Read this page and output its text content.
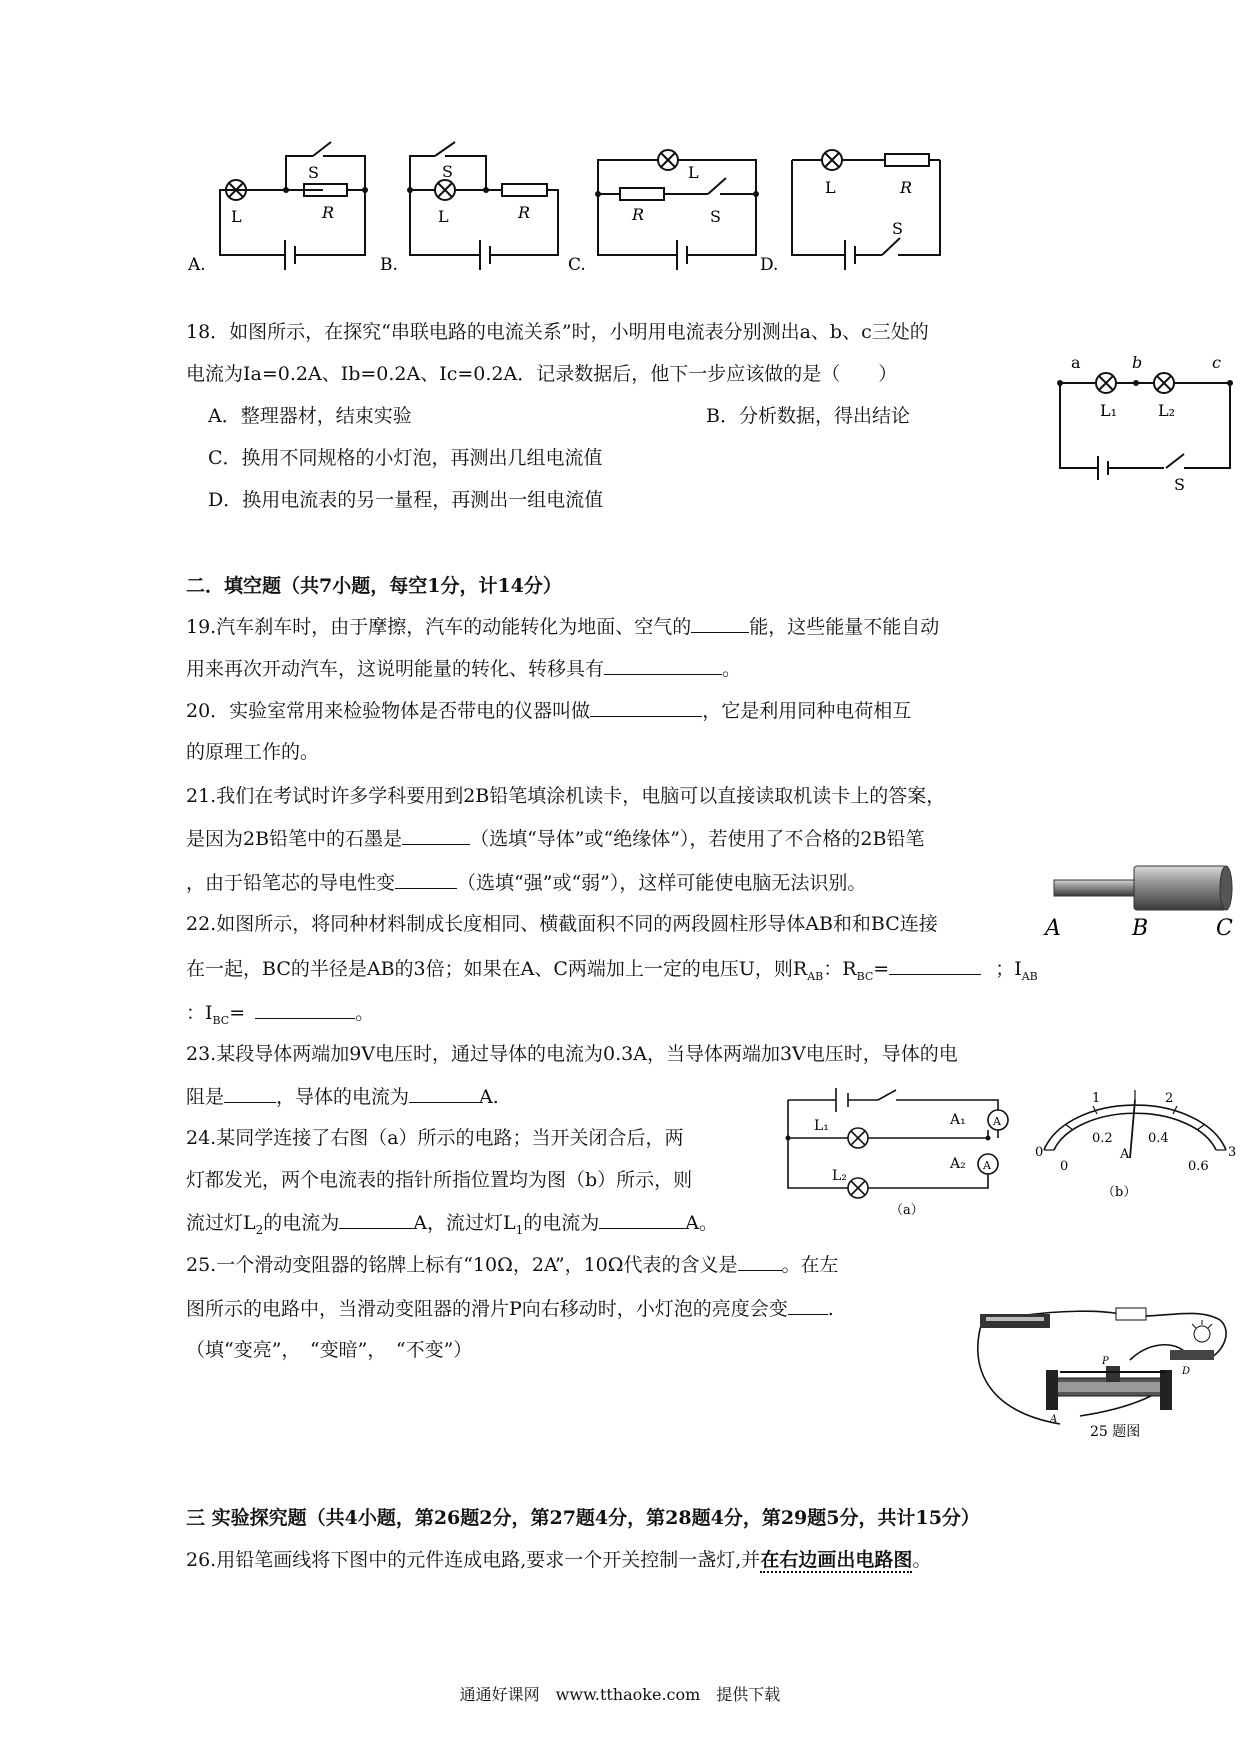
L	R
S
A.
L	R
S
B.
L
R	S
C.
L	R
S
D.
18．如图所示，在探究“串联电路的电流关系”时，小明用电流表分别测出a、b、c三处的
电流为Ia=0.2A、Ib=0.2A、Ic=0.2A．记录数据后，他下一步应该做的是（　　）
A．整理器材，结束实验	B．分析数据，得出结论
C．换用不同规格的小灯泡，再测出几组电流值
D．换用电流表的另一量程，再测出一组电流值
a	b	c
L₁	L₂
S
二．填空题（共7小题，每空1分，计14分）
19.汽车刹车时，由于摩擦，汽车的动能转化为地面、空气的	能，这些能量不能自动
用来再次开动汽车，这说明能量的转化、转移具有	。
20．实验室常用来检验物体是否带电的仪器叫做	，它是利用同种电荷相互
的原理工作的。
21.我们在考试时许多学科要用到2B铅笔填涂机读卡，电脑可以直接读取机读卡上的答案，
是因为2B铅笔中的石墨是	（选填“导体”或“绝缘体”），若使用了不合格的2B铅笔
，由于铅笔芯的导电性变	（选填“强”或“弱”），这样可能使电脑无法识别。
22.如图所示，将同种材料制成长度相同、横截面积不同的两段圆柱形导体AB和和BC连接
在一起，BC的半径是AB的3倍；如果在A、C两端加上一定的电压U，则$R_{AB}$：$R_{BC}=$	；$I_{AB}$
：$I_{BC}=$	。
A	B	C
23.某段导体两端加9V电压时，通过导体的电流为0.3A，当导体两端加3V电压时，导体的电
阻是	，导体的电流为	A.
24.某同学连接了右图（a）所示的电路；当开关闭合后，两
灯都发光，两个电流表的指针所指位置均为图（b）所示，则
流过灯$L_2$的电流为	A，流过灯$L_1$的电流为	A。
L₁
L₂
A₁
A₂
A
A
（a）
0
1	2
3
0
0.2	0.4
0.6
A
（b）
25.一个滑动变阻器的铭牌上标有“10Ω，2A”，10Ω代表的含义是 。在左
图所示的电路中，当滑动变阻器的滑片P向右移动时，小灯泡的亮度会变 .
（填“变亮”，　“变暗”，　“不变”）
P
D
A
25 题图
三 实验探究题（共4小题，第26题2分，第27题4分，第28题4分，第29题5分，共计15分）
26.用铅笔画线将下图中的元件连成电路,要求一个开关控制一盏灯,并在右边画出电路图。
通通好课网　www.tthaoke.com　提供下载
